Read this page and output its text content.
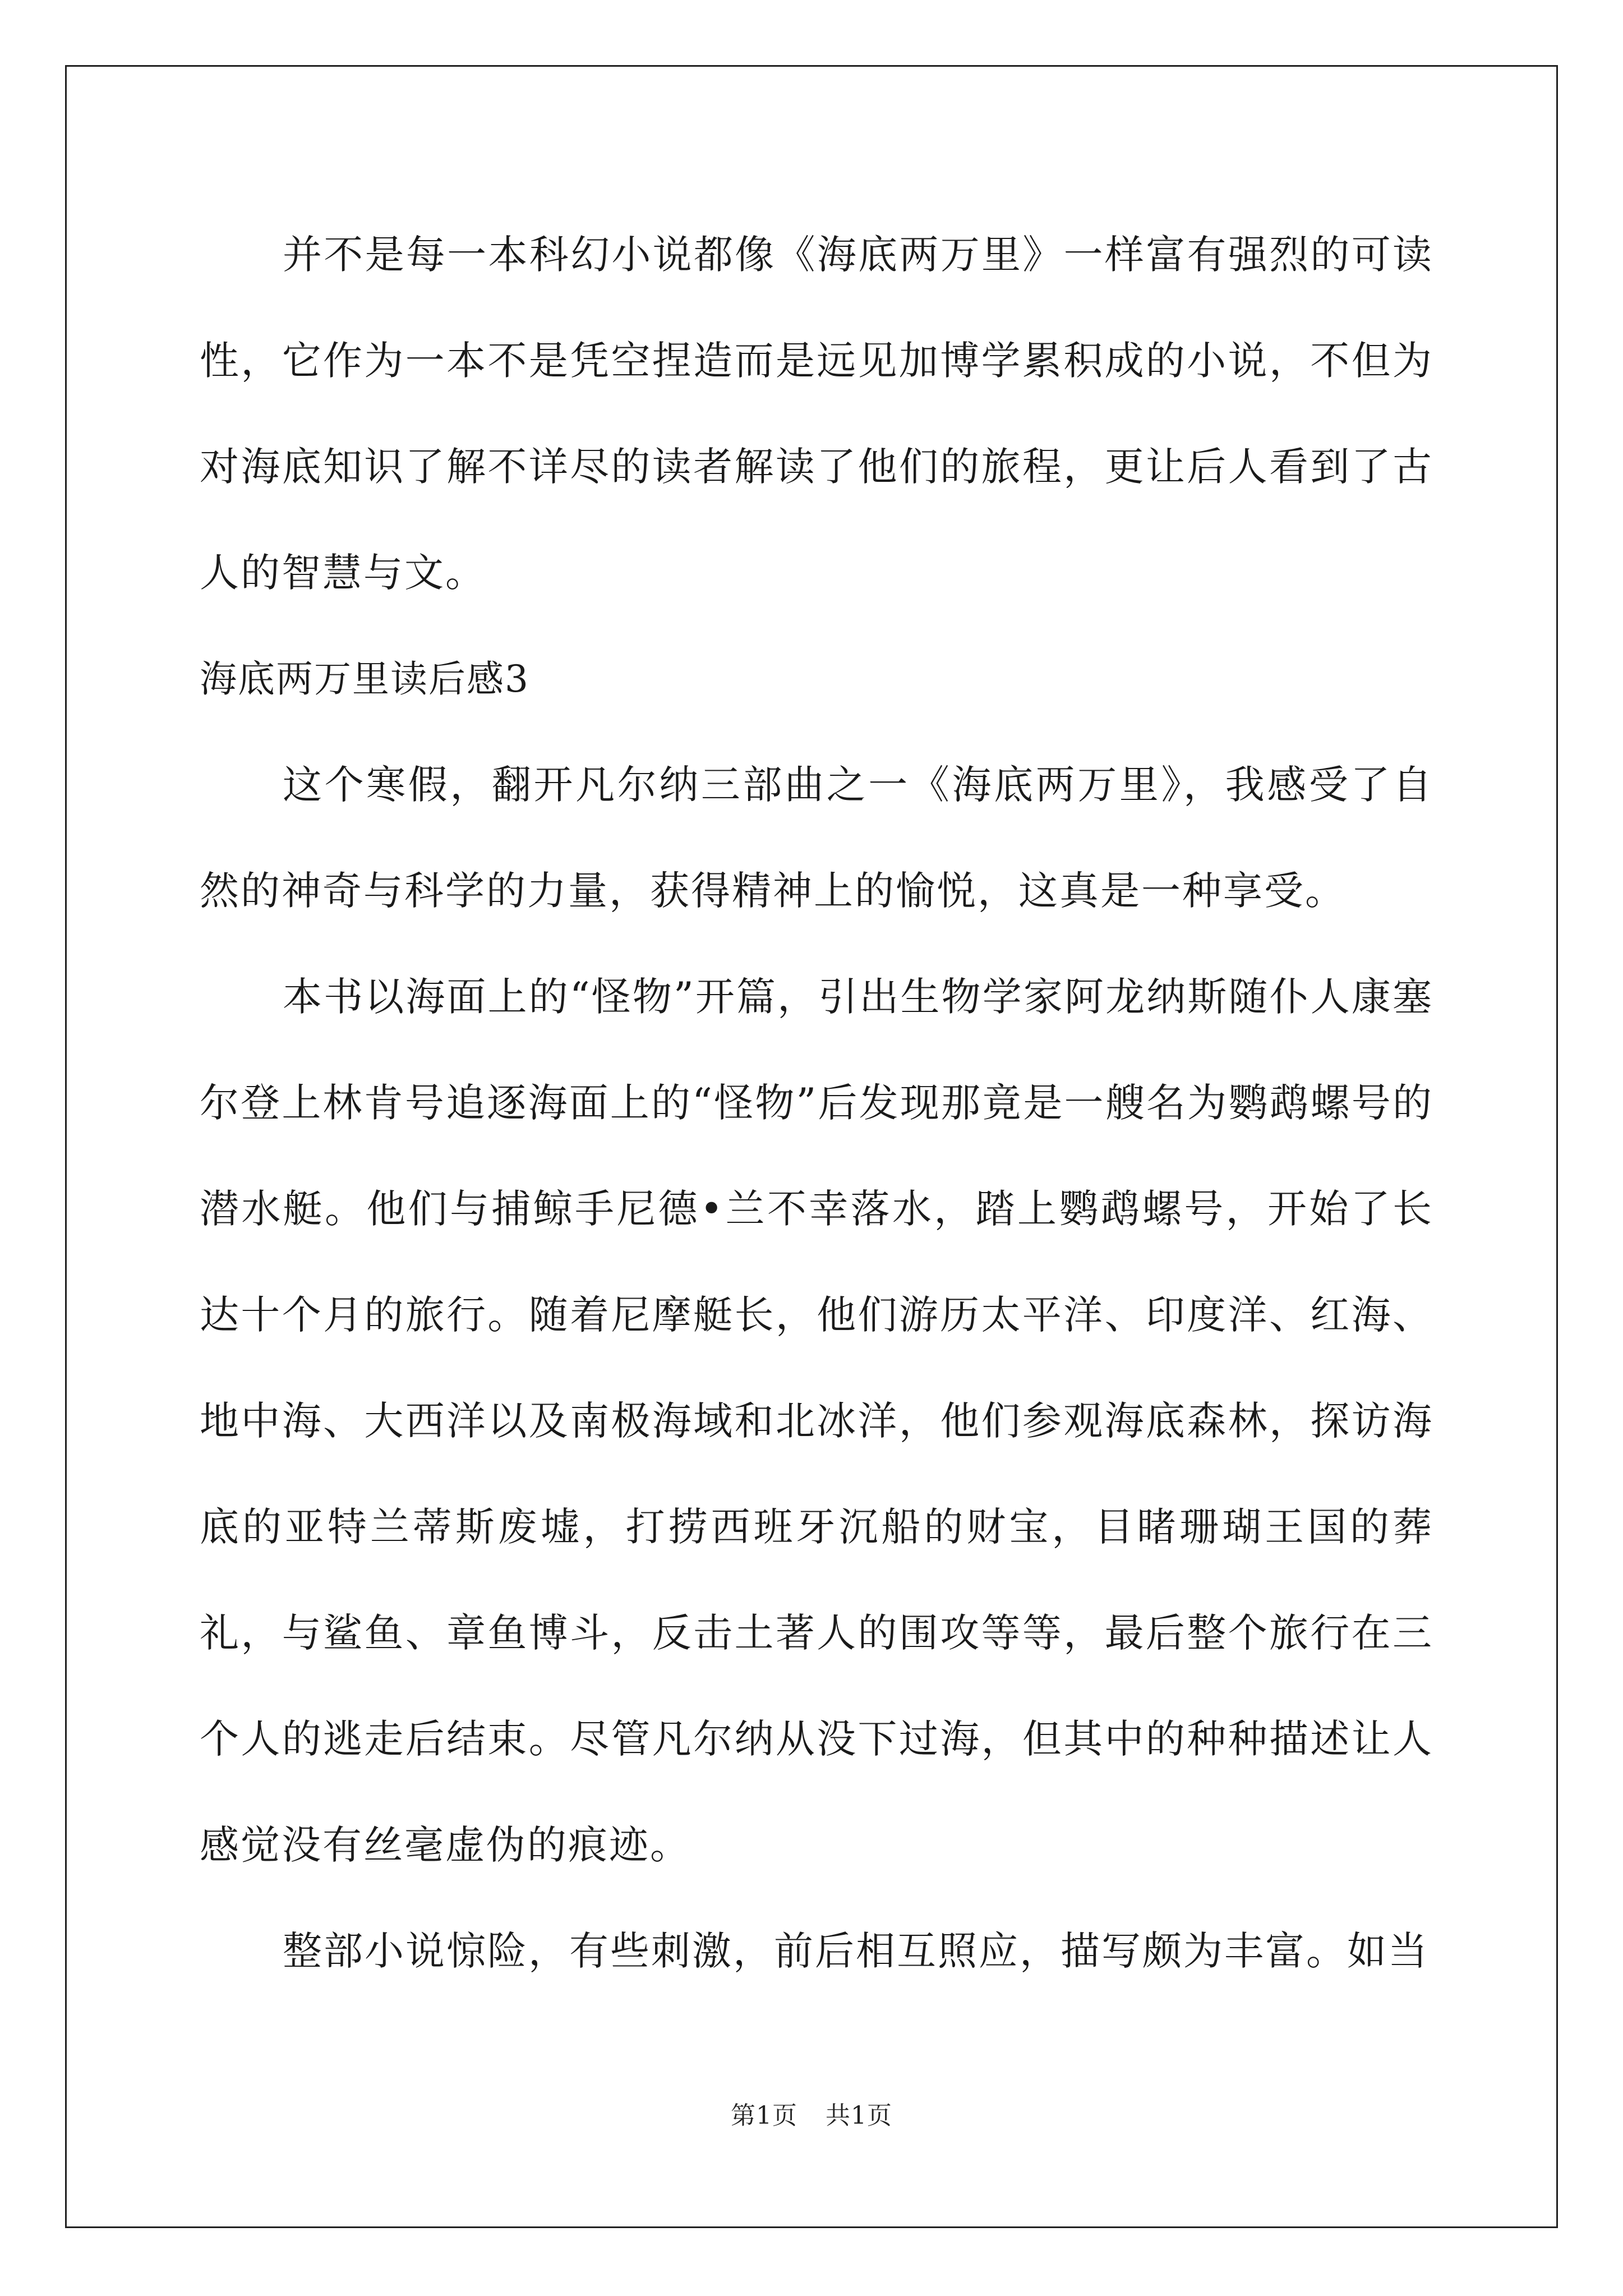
并不是每一本科幻小说都像《海底两万里》一样富有强烈的可读性，它作为一本不是凭空捏造而是远见加博学累积成的小说，不但为对海底知识了解不详尽的读者解读了他们的旅程，更让后人看到了古人的智慧与文。

海底两万里读后感3

这个寒假，翻开凡尔纳三部曲之一《海底两万里》，我感受了自然的神奇与科学的力量，获得精神上的愉悦，这真是一种享受。

本书以海面上的“怪物”开篇，引出生物学家阿龙纳斯随仆人康塞尔登上林肯号追逐海面上的“怪物”后发现那竟是一艘名为鹦鹉螺号的潜水艇。他们与捕鲸手尼德•兰不幸落水，踏上鹦鹉螺号，开始了长达十个月的旅行。随着尼摩艇长，他们游历太平洋、印度洋、红海、地中海、大西洋以及南极海域和北冰洋，他们参观海底森林，探访海底的亚特兰蒂斯废墟，打捞西班牙沉船的财宝，目睹珊瑚王国的葬礼，与鲨鱼、章鱼博斗，反击土著人的围攻等等，最后整个旅行在三个人的逃走后结束。尽管凡尔纳从没下过海，但其中的种种描述让人感觉没有丝毫虚伪的痕迹。

整部小说惊险，有些刺激，前后相互照应，描写颇为丰富。如当

第1页 共1页
